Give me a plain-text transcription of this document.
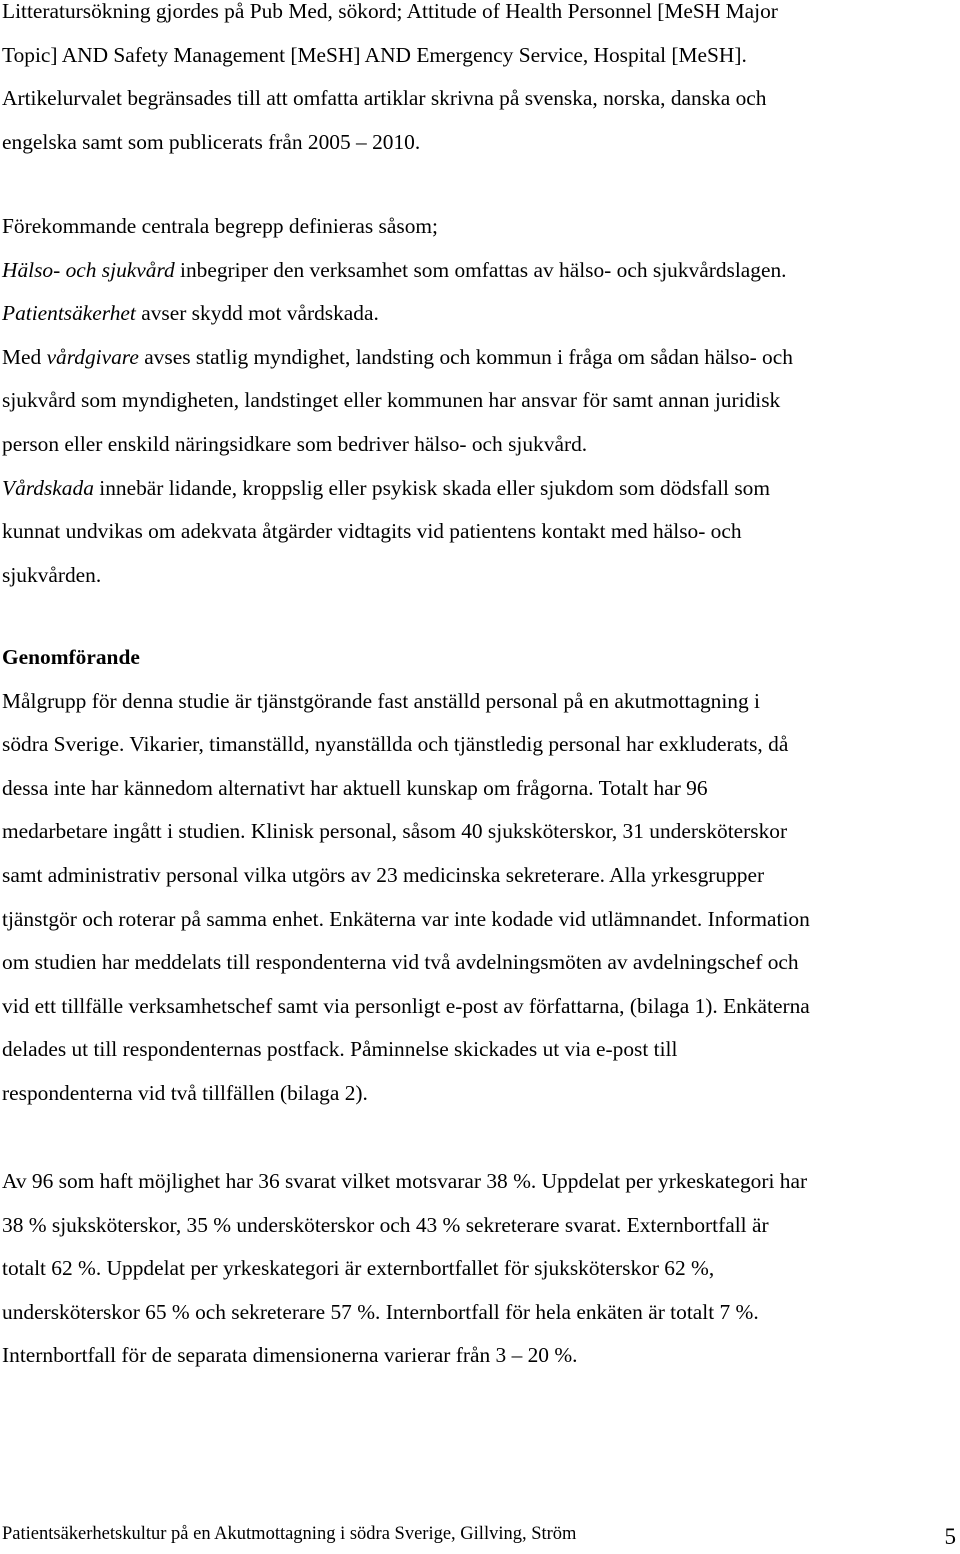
Litteratursökning gjordes på Pub Med, sökord; Attitude of Health Personnel [MeSH Major
Topic] AND Safety Management [MeSH] AND Emergency Service, Hospital [MeSH].
Artikelurvalet begränsades till att omfatta artiklar skrivna på svenska, norska, danska och
engelska samt som publicerats från 2005 – 2010.
Förekommande centrala begrepp definieras såsom;
Hälso- och sjukvård inbegriper den verksamhet som omfattas av hälso- och sjukvårdslagen.
Patientsäkerhet avser skydd mot vårdskada.
Med vårdgivare avses statlig myndighet, landsting och kommun i fråga om sådan hälso- och
sjukvård som myndigheten, landstinget eller kommunen har ansvar för samt annan juridisk
person eller enskild näringsidkare som bedriver hälso- och sjukvård.
Vårdskada innebär lidande, kroppslig eller psykisk skada eller sjukdom som dödsfall som
kunnat undvikas om adekvata åtgärder vidtagits vid patientens kontakt med hälso- och
sjukvården.
Genomförande
Målgrupp för denna studie är tjänstgörande fast anställd personal på en akutmottagning i
södra Sverige. Vikarier, timanställd, nyanställda och tjänstledig personal har exkluderats, då
dessa inte har kännedom alternativt har aktuell kunskap om frågorna. Totalt har 96
medarbetare ingått i studien. Klinisk personal, såsom 40 sjuksköterskor, 31 undersköterskor
samt administrativ personal vilka utgörs av 23 medicinska sekreterare. Alla yrkesgrupper
tjänstgör och roterar på samma enhet. Enkäterna var inte kodade vid utlämnandet. Information
om studien har meddelats till respondenterna vid två avdelningsmöten av avdelningschef och
vid ett tillfälle verksamhetschef samt via personligt e-post av författarna, (bilaga 1). Enkäterna
delades ut till respondenternas postfack. Påminnelse skickades ut via e-post till
respondenterna vid två tillfällen (bilaga 2).
Av 96 som haft möjlighet har 36 svarat vilket motsvarar 38 %. Uppdelat per yrkeskategori har
38 % sjuksköterskor, 35 % undersköterskor och 43 % sekreterare svarat. Externbortfall är
totalt 62 %. Uppdelat per yrkeskategori är externbortfallet för sjuksköterskor 62 %,
undersköterskor 65 % och sekreterare 57 %. Internbortfall för hela enkäten är totalt 7 %.
Internbortfall för de separata dimensionerna varierar från 3 – 20 %.
Patientsäkerhetskultur på en Akutmottagning i södra Sverige, Gillving, Ström	5
